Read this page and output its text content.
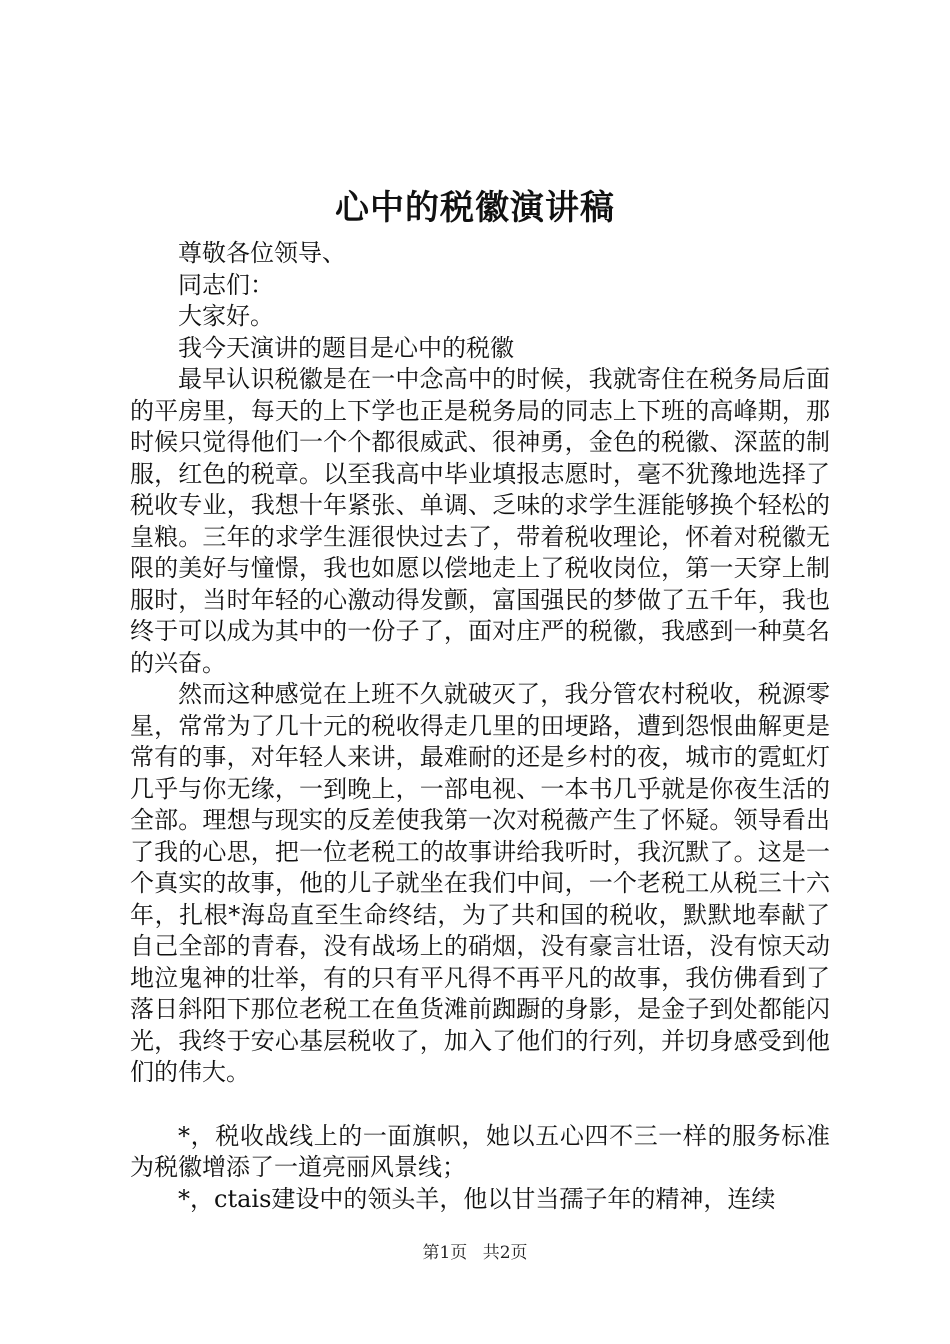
心中的税徽演讲稿

尊敬各位领导、

同志们：

大家好。

我今天演讲的题目是心中的税徽

最早认识税徽是在一中念高中的时候，我就寄住在税务局后面的平房里，每天的上下学也正是税务局的同志上下班的高峰期，那时候只觉得他们一个个都很威武、很神勇，金色的税徽、深蓝的制服，红色的税章。以至我高中毕业填报志愿时，毫不犹豫地选择了税收专业，我想十年紧张、单调、乏味的求学生涯能够换个轻松的皇粮。三年的求学生涯很快过去了，带着税收理论，怀着对税徽无限的美好与憧憬，我也如愿以偿地走上了税收岗位，第一天穿上制服时，当时年轻的心激动得发颤，富国强民的梦做了五千年，我也终于可以成为其中的一份子了，面对庄严的税徽，我感到一种莫名的兴奋。

然而这种感觉在上班不久就破灭了，我分管农村税收，税源零星，常常为了几十元的税收得走几里的田埂路，遭到怨恨曲解更是常有的事，对年轻人来讲，最难耐的还是乡村的夜，城市的霓虹灯几乎与你无缘，一到晚上，一部电视、一本书几乎就是你夜生活的全部。理想与现实的反差使我第一次对税薇产生了怀疑。领导看出了我的心思，把一位老税工的故事讲给我听时，我沉默了。这是一个真实的故事，他的儿子就坐在我们中间，一个老税工从税三十六年，扎根*海岛直至生命终结，为了共和国的税收，默默地奉献了自己全部的青春，没有战场上的硝烟，没有豪言壮语，没有惊天动地泣鬼神的壮举，有的只有平凡得不再平凡的故事，我仿佛看到了落日斜阳下那位老税工在鱼货滩前踟蹰的身影，是金子到处都能闪光，我终于安心基层税收了，加入了他们的行列，并切身感受到他们的伟大。

*，税收战线上的一面旗帜，她以五心四不三一样的服务标准为税徽增添了一道亮丽风景线；

*，ctais建设中的领头羊，他以甘当孺子年的精神，连续

第1页 共2页
